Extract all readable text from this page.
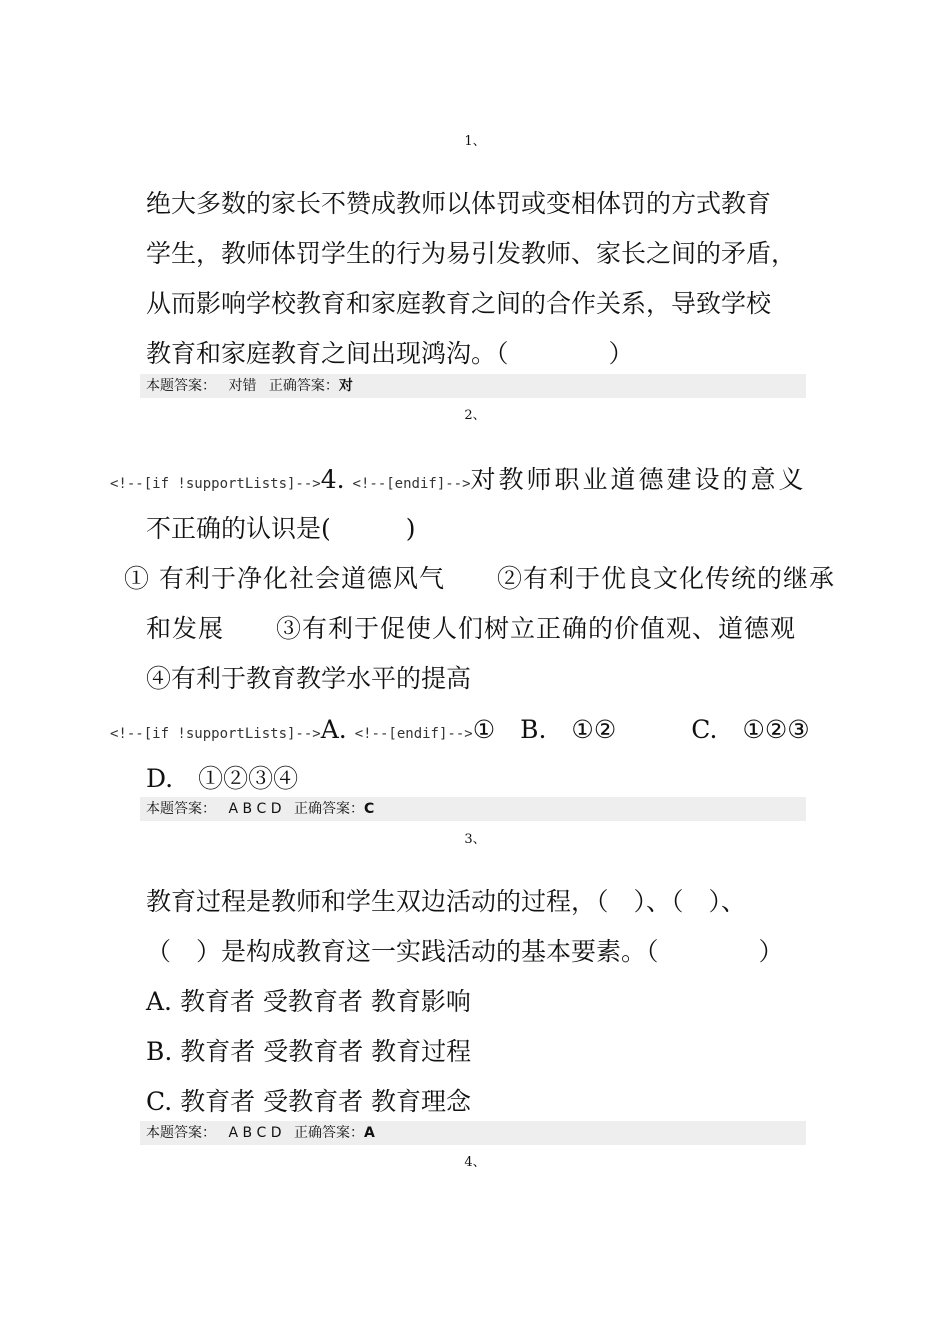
1、
绝大多数的家长不赞成教师以体罚或变相体罚的方式教育
学生，教师体罚学生的行为易引发教师、家长之间的矛盾，
从而影响学校教育和家庭教育之间的合作关系，导致学校
教育和家庭教育之间出现鸿沟。（　　　　）
本题答案： 对错 正确答案：对
2、
<!--[if !supportLists]-->4. <!--[endif]-->对教师职业道德建设的意义
不正确的认识是(　　　)
① 有利于净化社会道德风气　　②有利于优良文化传统的继承
和发展　　③有利于促使人们树立正确的价值观、道德观
④有利于教育教学水平的提高
<!--[if !supportLists]-->A. <!--[endif]-->①　B.　①②　　　C.　①②③
D.　①②③④
本题答案： A B C D 正确答案：C
3、
教育过程是教师和学生双边活动的过程，（　）、（　）、
（　）是构成教育这一实践活动的基本要素。（　　　　）
A. 教育者 受教育者 教育影响
B. 教育者 受教育者 教育过程
C. 教育者 受教育者 教育理念
本题答案： A B C D 正确答案：A
4、
